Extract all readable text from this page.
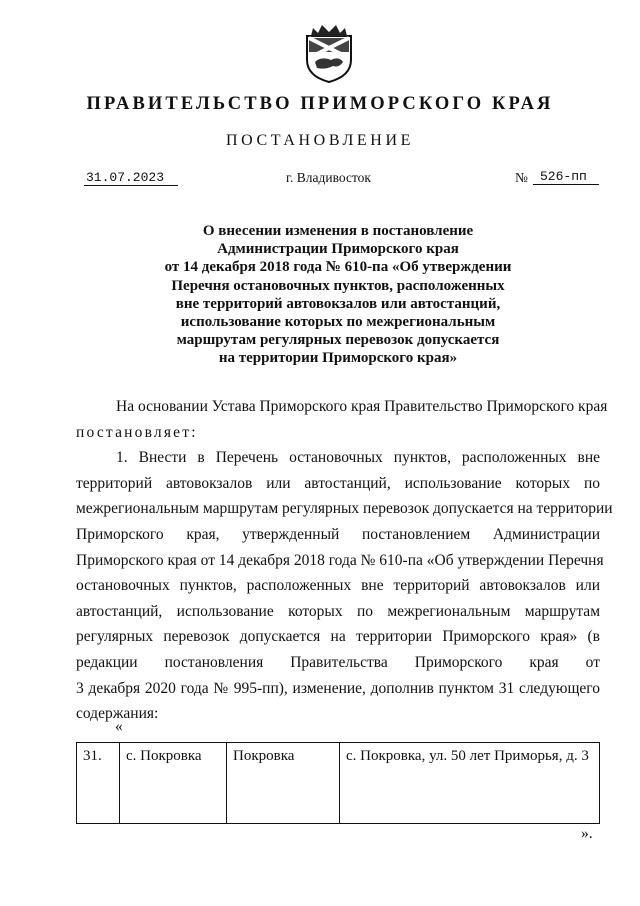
ПРАВИТЕЛЬСТВО ПРИМОРСКОГО КРАЯ
ПОСТАНОВЛЕНИЕ
31.07.2023	г. Владивосток	№ 526-пп
О внесении изменения в постановление
Администрации Приморского края
от 14 декабря 2018 года № 610-па «Об утверждении
Перечня остановочных пунктов, расположенных
вне территорий автовокзалов или автостанций,
использование которых по межрегиональным
маршрутам регулярных перевозок допускается
на территории Приморского края»
На основании Устава Приморского края Правительство Приморского края
постановляет:
1. Внести в Перечень остановочных пунктов, расположенных вне
территорий автовокзалов или автостанций, использование которых по
межрегиональным маршрутам регулярных перевозок допускается на территории
Приморского края, утвержденный постановлением Администрации
Приморского края от 14 декабря 2018 года № 610-па «Об утверждении Перечня
остановочных пунктов, расположенных вне территорий автовокзалов или
автостанций, использование которых по межрегиональным маршрутам
регулярных перевозок допускается на территории Приморского края» (в
редакции постановления Правительства Приморского края от
3 декабря 2020 года № 995-пп), изменение, дополнив пунктом 31 следующего
содержания:
«
31.	с. Покровка	Покровка	с. Покровка, ул. 50 лет Приморья, д. 3
».
